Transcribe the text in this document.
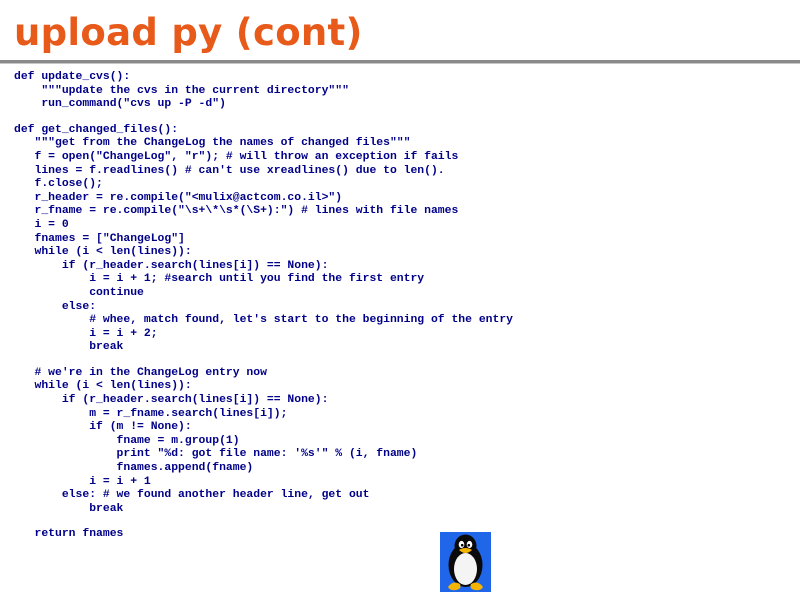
upload py (cont)
def update_cvs():
"""update the cvs in the current directory"""
run_command("cvs up -P -d")
def get_changed_files():
"""get from the ChangeLog the names of changed files"""
f = open("ChangeLog", "r"); # will throw an exception if fails
lines = f.readlines() # can't use xreadlines() due to len().
f.close();
r_header = re.compile("<mulix@actcom.co.il>")
r_fname = re.compile("\s+\*\s*(\S+):") # lines with file names
i = 0
fnames = ["ChangeLog"]
while (i < len(lines)):
if (r_header.search(lines[i]) == None):
i = i + 1; #search until you find the first entry
continue
else:
# whee, match found, let's start to the beginning of the entry
i = i + 2;
break
# we're in the ChangeLog entry now
while (i < len(lines)):
if (r_header.search(lines[i]) == None):
m = r_fname.search(lines[i]);
if (m != None):
fname = m.group(1)
print "%d: got file name: '%s'" % (i, fname)
fnames.append(fname)
i = i + 1
else: # we found another header line, get out
break
return fnames
